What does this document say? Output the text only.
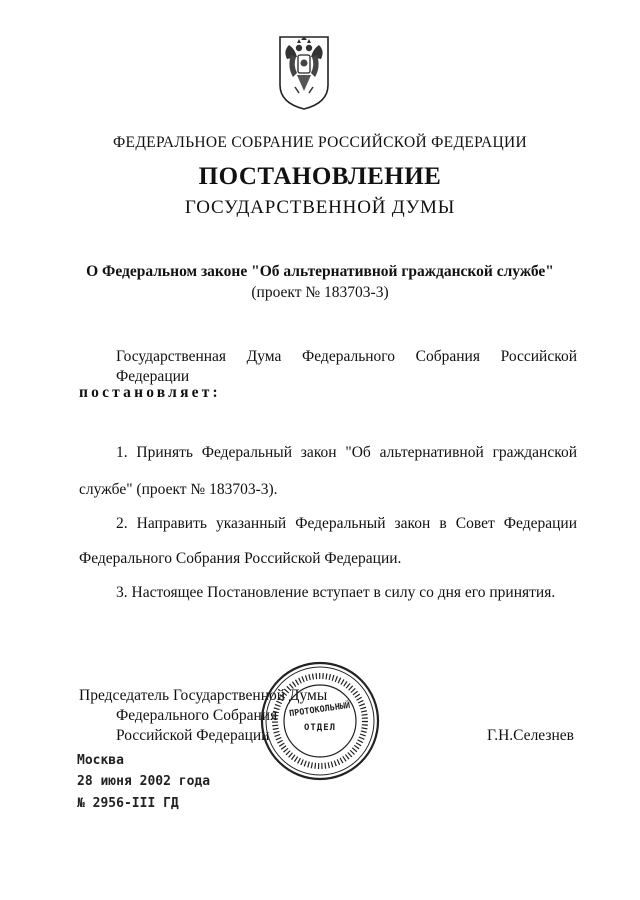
ФЕДЕРАЛЬНОЕ СОБРАНИЕ РОССИЙСКОЙ ФЕДЕРАЦИИ
ПОСТАНОВЛЕНИЕ
ГОСУДАРСТВЕННОЙ ДУМЫ
О Федеральном законе "Об альтернативной гражданской службе"
(проект № 183703-3)
Государственная Дума Федерального Собрания Российской Федерации
постановляет:
1. Принять Федеральный закон "Об альтернативной гражданской
службе" (проект № 183703-3).
2. Направить указанный Федеральный закон в Совет Федерации
Федерального Собрания Российской Федерации.
3. Настоящее Постановление вступает в силу со дня его принятия.
Председатель Государственной Думы
Федерального Собрания
Российской Федерации	Г.Н.Селезнев
ПРОТОКОЛЬНЫЙ
ОТДЕЛ
Москва
28 июня 2002 года
№ 2956-III ГД
